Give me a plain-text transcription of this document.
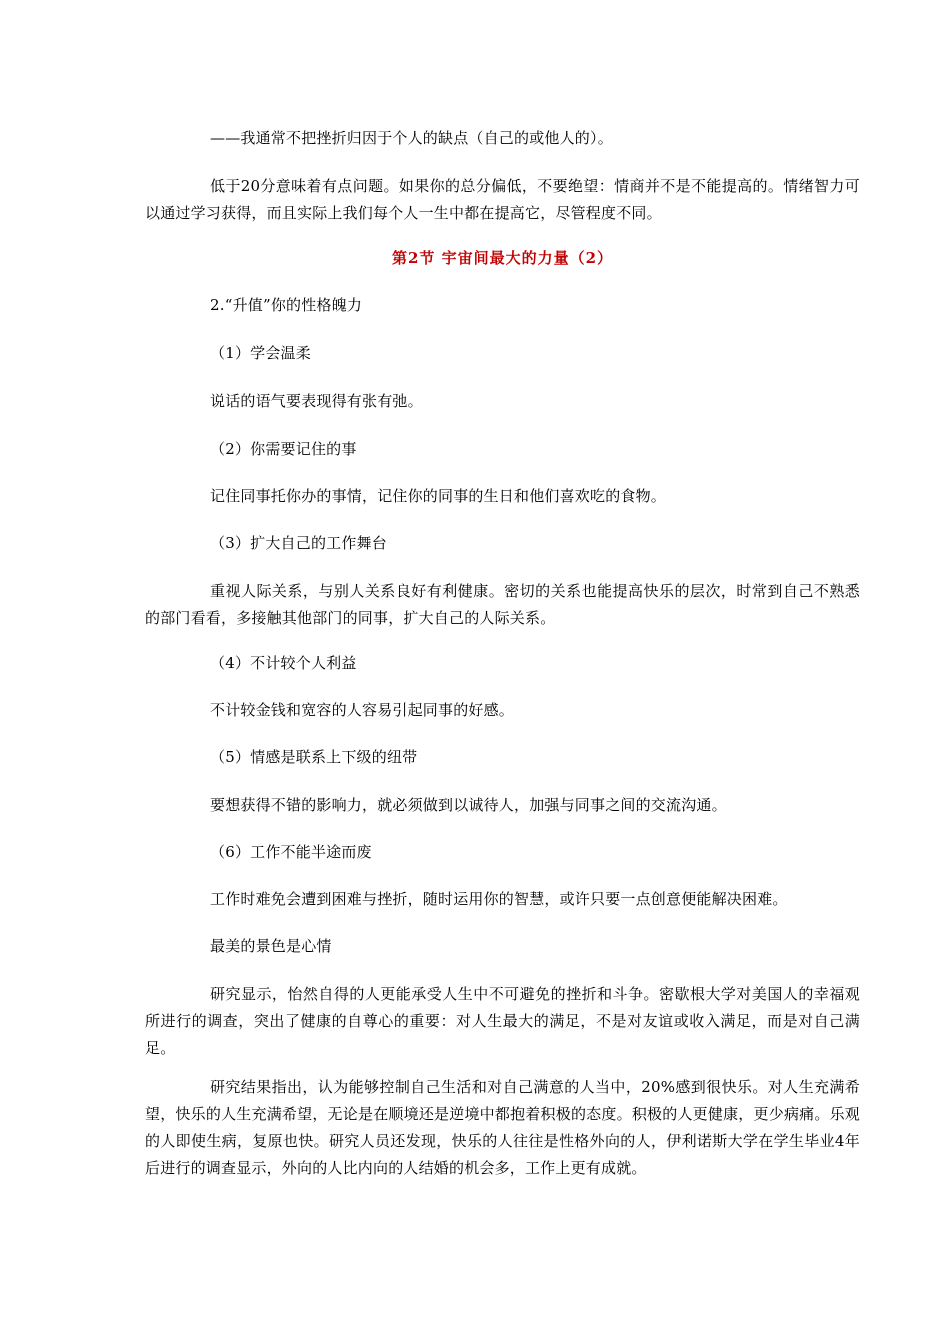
——我通常不把挫折归因于个人的缺点（自己的或他人的）。

低于20分意味着有点问题。如果你的总分偏低，不要绝望：情商并不是不能提高的。情绪智力可以通过学习获得，而且实际上我们每个人一生中都在提高它，尽管程度不同。

第2节 宇宙间最大的力量（2）

2.“升值”你的性格魄力

（1）学会温柔

说话的语气要表现得有张有弛。

（2）你需要记住的事

记住同事托你办的事情，记住你的同事的生日和他们喜欢吃的食物。

（3）扩大自己的工作舞台

重视人际关系，与别人关系良好有利健康。密切的关系也能提高快乐的层次，时常到自己不熟悉的部门看看，多接触其他部门的同事，扩大自己的人际关系。

（4）不计较个人利益

不计较金钱和宽容的人容易引起同事的好感。

（5）情感是联系上下级的纽带

要想获得不错的影响力，就必须做到以诚待人，加强与同事之间的交流沟通。

（6）工作不能半途而废

工作时难免会遭到困难与挫折，随时运用你的智慧，或许只要一点创意便能解决困难。

最美的景色是心情

研究显示，怡然自得的人更能承受人生中不可避免的挫折和斗争。密歇根大学对美国人的幸福观所进行的调查，突出了健康的自尊心的重要：对人生最大的满足，不是对友谊或收入满足，而是对自己满足。

研究结果指出，认为能够控制自己生活和对自己满意的人当中，20%感到很快乐。对人生充满希望，快乐的人生充满希望，无论是在顺境还是逆境中都抱着积极的态度。积极的人更健康，更少病痛。乐观的人即使生病，复原也快。研究人员还发现，快乐的人往往是性格外向的人，伊利诺斯大学在学生毕业4年后进行的调查显示，外向的人比内向的人结婚的机会多，工作上更有成就。
